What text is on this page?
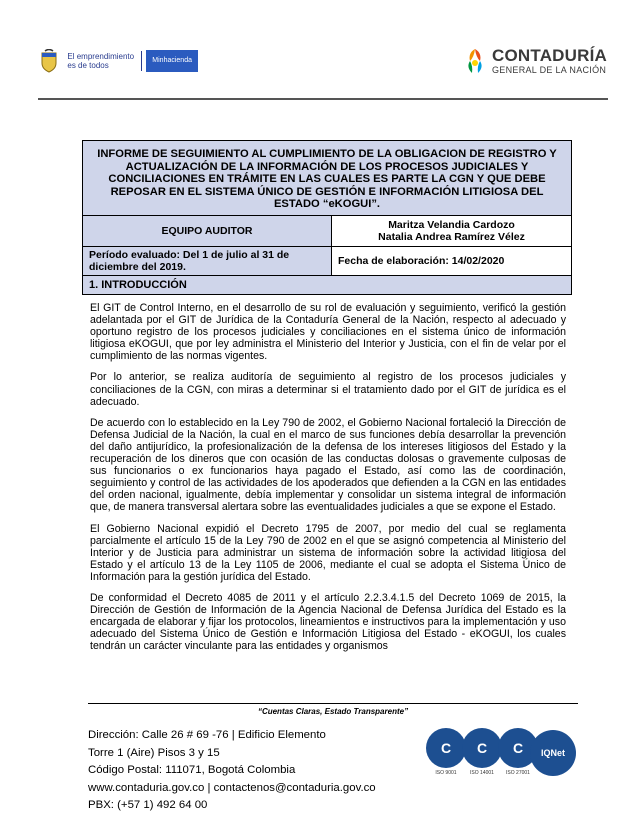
El emprendimiento es de todos
Minhacienda	CONTADURÍA
GENERAL DE LA NACIÓN
INFORME DE SEGUIMIENTO AL CUMPLIMIENTO DE LA OBLIGACION DE REGISTRO Y ACTUALIZACIÓN DE LA INFORMACIÓN DE LOS PROCESOS JUDICIALES Y CONCILIACIONES EN TRÁMITE EN LAS CUALES ES PARTE LA CGN Y QUE DEBE REPOSAR EN EL SISTEMA ÚNICO DE GESTIÓN E INFORMACIÓN LITIGIOSA DEL ESTADO “eKOGUI”.
EQUIPO AUDITOR	Maritza Velandia Cardozo
Natalia Andrea Ramírez Vélez
Período evaluado: Del 1 de julio al 31 de diciembre del 2019.	Fecha de elaboración: 14/02/2020
1. INTRODUCCIÓN

El GIT de Control Interno, en el desarrollo de su rol de evaluación y seguimiento, verificó la gestión adelantada por el GIT de Jurídica de la Contaduría General de la Nación, respecto al adecuado y oportuno registro de los procesos judiciales y conciliaciones en el sistema único de información litigiosa eKOGUI, que por ley administra el Ministerio del Interior y Justicia, con el fin de velar por el cumplimiento de las normas vigentes.

Por lo anterior, se realiza auditoría de seguimiento al registro de los procesos judiciales y conciliaciones de la CGN, con miras a determinar si el tratamiento dado por el GIT de jurídica es el adecuado.

De acuerdo con lo establecido en la Ley 790 de 2002, el Gobierno Nacional fortaleció la Dirección de Defensa Judicial de la Nación, la cual en el marco de sus funciones debía desarrollar la prevención del daño antijurídico, la profesionalización de la defensa de los intereses litigiosos del Estado y la recuperación de los dineros que con ocasión de las conductas dolosas o gravemente culposas de sus funcionarios o ex funcionarios haya pagado el Estado, así como las de coordinación, seguimiento y control de las actividades de los apoderados que defienden a la CGN en las entidades del orden nacional, igualmente, debía implementar y consolidar un sistema integral de información que, de manera transversal alertara sobre las eventualidades judiciales a que se expone el Estado.

El Gobierno Nacional expidió el Decreto 1795 de 2007, por medio del cual se reglamenta parcialmente el artículo 15 de la Ley 790 de 2002 en el que se asignó competencia al Ministerio del Interior y de Justicia para administrar un sistema de información sobre la actividad litigiosa del Estado y el artículo 13 de la Ley 1105 de 2006, mediante el cual se adopta el Sistema Único de Información para la gestión jurídica del Estado.

De conformidad el Decreto 4085 de 2011 y el artículo 2.2.3.4.1.5 del Decreto 1069 de 2015, la Dirección de Gestión de Información de la Agencia Nacional de Defensa Jurídica del Estado es la encargada de elaborar y fijar los protocolos, lineamientos e instructivos para la implementación y uso adecuado del Sistema Único de Gestión e Información Litigiosa del Estado - eKOGUI, los cuales tendrán un carácter vinculante para las entidades y organismos

“Cuentas Claras, Estado Transparente”
Dirección: Calle 26 # 69 -76 | Edificio Elemento
Torre 1 (Aire) Pisos 3 y 15
Código Postal: 111071, Bogotá Colombia
www.contaduria.gov.co | contactenos@contaduria.gov.co
PBX: (+57 1) 492 64 00
C
ISO 9001
C
ISO 14001
C
ISO 27001
IQNet
